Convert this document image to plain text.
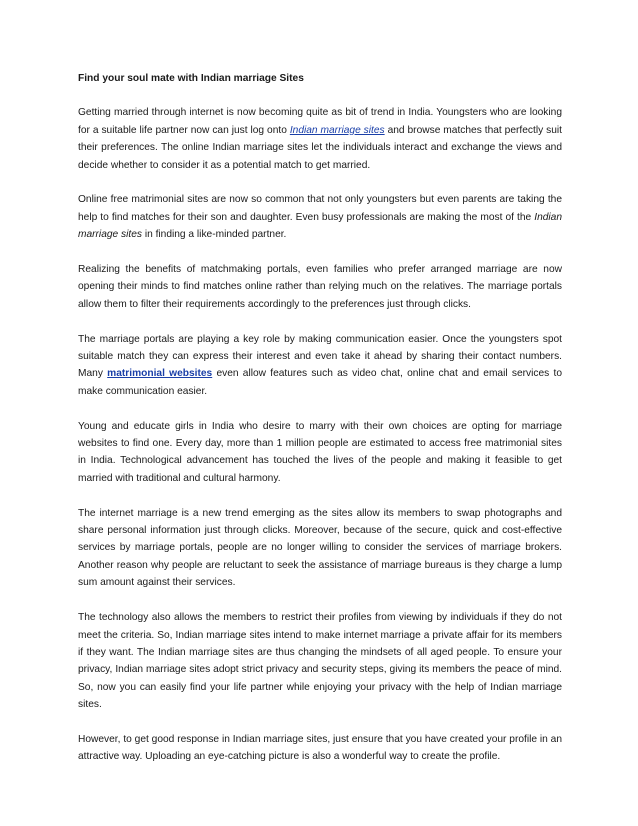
Find your soul mate with Indian marriage Sites

Getting married through internet is now becoming quite as bit of trend in India. Youngsters who are looking for a suitable life partner now can just log onto Indian marriage sites and browse matches that perfectly suit their preferences. The online Indian marriage sites let the individuals interact and exchange the views and decide whether to consider it as a potential match to get married.

Online free matrimonial sites are now so common that not only youngsters but even parents are taking the help to find matches for their son and daughter. Even busy professionals are making the most of the Indian marriage sites in finding a like-minded partner.

Realizing the benefits of matchmaking portals, even families who prefer arranged marriage are now opening their minds to find matches online rather than relying much on the relatives. The marriage portals allow them to filter their requirements accordingly to the preferences just through clicks.

The marriage portals are playing a key role by making communication easier. Once the youngsters spot suitable match they can express their interest and even take it ahead by sharing their contact numbers. Many matrimonial websites even allow features such as video chat, online chat and email services to make communication easier.

Young and educate girls in India who desire to marry with their own choices are opting for marriage websites to find one. Every day, more than 1 million people are estimated to access free matrimonial sites in India. Technological advancement has touched the lives of the people and making it feasible to get married with traditional and cultural harmony.

The internet marriage is a new trend emerging as the sites allow its members to swap photographs and share personal information just through clicks. Moreover, because of the secure, quick and cost-effective services by marriage portals, people are no longer willing to consider the services of marriage brokers. Another reason why people are reluctant to seek the assistance of marriage bureaus is they charge a lump sum amount against their services.

The technology also allows the members to restrict their profiles from viewing by individuals if they do not meet the criteria. So, Indian marriage sites intend to make internet marriage a private affair for its members if they want. The Indian marriage sites are thus changing the mindsets of all aged people. To ensure your privacy, Indian marriage sites adopt strict privacy and security steps, giving its members the peace of mind. So, now you can easily find your life partner while enjoying your privacy with the help of Indian marriage sites.

However, to get good response in Indian marriage sites, just ensure that you have created your profile in an attractive way. Uploading an eye-catching picture is also a wonderful way to create the profile.
